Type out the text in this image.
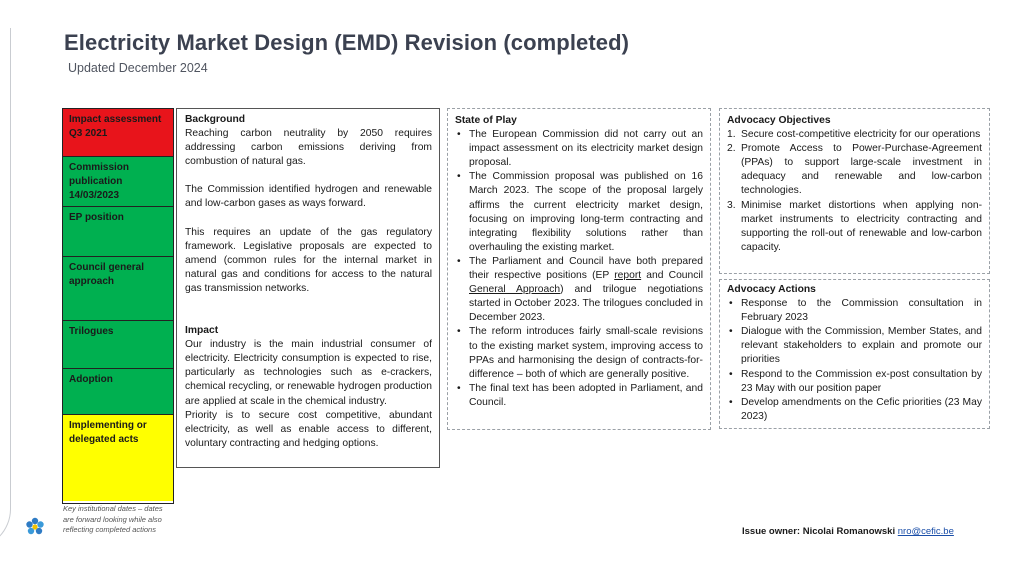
Electricity Market Design (EMD) Revision (completed)
Updated December 2024
Impact assessment Q3 2021
Commission publication 14/03/2023
EP position
Council general approach
Trilogues
Adoption
Implementing or delegated acts
Key institutional dates – dates are forward looking while also reflecting completed actions

Background

Reaching carbon neutrality by 2050 requires addressing carbon emissions deriving from combustion of natural gas.

The Commission identified hydrogen and renewable and low-carbon gases as ways forward.

This requires an update of the gas regulatory framework. Legislative proposals are expected to amend (common rules for the internal market in natural gas and conditions for access to the natural gas transmission networks.

Impact

Our industry is the main industrial consumer of electricity. Electricity consumption is expected to rise, particularly as technologies such as e-crackers, chemical recycling, or renewable hydrogen production are applied at scale in the chemical industry.

Priority is to secure cost competitive, abundant electricity, as well as enable access to different, voluntary contracting and hedging options.

State of Play
• The European Commission did not carry out an impact assessment on its electricity market design proposal.
• The Commission proposal was published on 16 March 2023. The scope of the proposal largely affirms the current electricity market design, focusing on improving long-term contracting and integrating flexibility solutions rather than overhauling the existing market.
• The Parliament and Council have both prepared their respective positions (EP report and Council General Approach) and trilogue negotiations started in October 2023. The trilogues concluded in December 2023.
• The reform introduces fairly small-scale revisions to the existing market system, improving access to PPAs and harmonising the design of contracts-for-difference – both of which are generally positive.
• The final text has been adopted in Parliament, and Council.
Advocacy Objectives
1. Secure cost-competitive electricity for our operations
2. Promote Access to Power-Purchase-Agreement (PPAs) to support large-scale investment in adequacy and renewable and low-carbon technologies.
3. Minimise market distortions when applying non-market instruments to electricity contracting and supporting the roll-out of renewable and low-carbon capacity.
Advocacy Actions
• Response to the Commission consultation in February 2023
• Dialogue with the Commission, Member States, and relevant stakeholders to explain and promote our priorities
• Respond to the Commission ex-post consultation by 23 May with our position paper
• Develop amendments on the Cefic priorities (23 May 2023)
Issue owner: Nicolai Romanowski nro@cefic.be
